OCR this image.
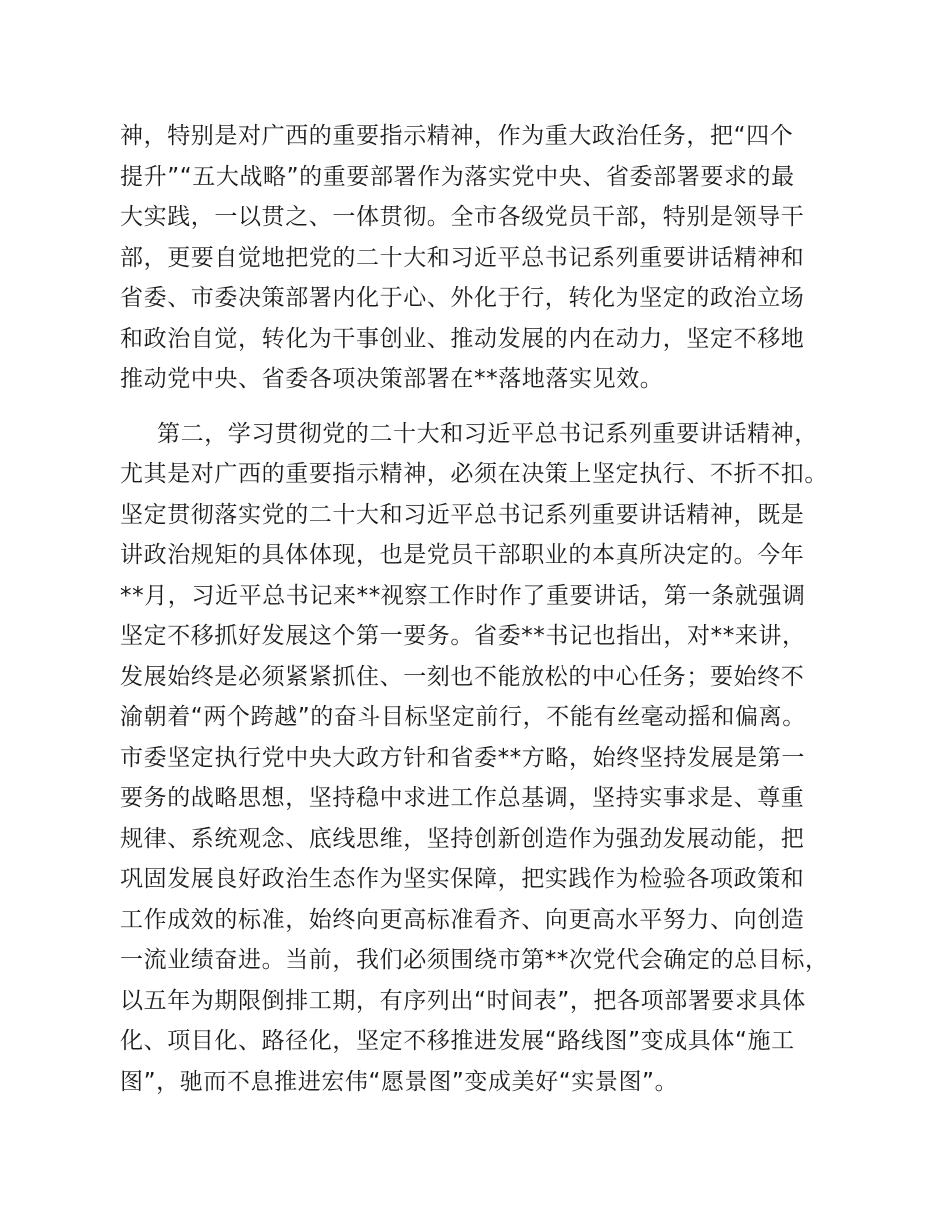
神，特别是对广西的重要指示精神，作为重大政治任务，把“四个
提升”“五大战略”的重要部署作为落实党中央、省委部署要求的最
大实践，一以贯之、一体贯彻。全市各级党员干部，特别是领导干
部，更要自觉地把党的二十大和习近平总书记系列重要讲话精神和
省委、市委决策部署内化于心、外化于行，转化为坚定的政治立场
和政治自觉，转化为干事创业、推动发展的内在动力，坚定不移地
推动党中央、省委各项决策部署在**落地落实见效。
第二，学习贯彻党的二十大和习近平总书记系列重要讲话精神，
尤其是对广西的重要指示精神，必须在决策上坚定执行、不折不扣。
坚定贯彻落实党的二十大和习近平总书记系列重要讲话精神，既是
讲政治规矩的具体体现，也是党员干部职业的本真所决定的。今年
**月，习近平总书记来**视察工作时作了重要讲话，第一条就强调
坚定不移抓好发展这个第一要务。省委**书记也指出，对**来讲，
发展始终是必须紧紧抓住、一刻也不能放松的中心任务；要始终不
渝朝着“两个跨越”的奋斗目标坚定前行，不能有丝毫动摇和偏离。
市委坚定执行党中央大政方针和省委**方略，始终坚持发展是第一
要务的战略思想，坚持稳中求进工作总基调，坚持实事求是、尊重
规律、系统观念、底线思维，坚持创新创造作为强劲发展动能，把
巩固发展良好政治生态作为坚实保障，把实践作为检验各项政策和
工作成效的标准，始终向更高标准看齐、向更高水平努力、向创造
一流业绩奋进。当前，我们必须围绕市第**次党代会确定的总目标，
以五年为期限倒排工期，有序列出“时间表”，把各项部署要求具体
化、项目化、路径化，坚定不移推进发展“路线图”变成具体“施工
图”，驰而不息推进宏伟“愿景图”变成美好“实景图”。
